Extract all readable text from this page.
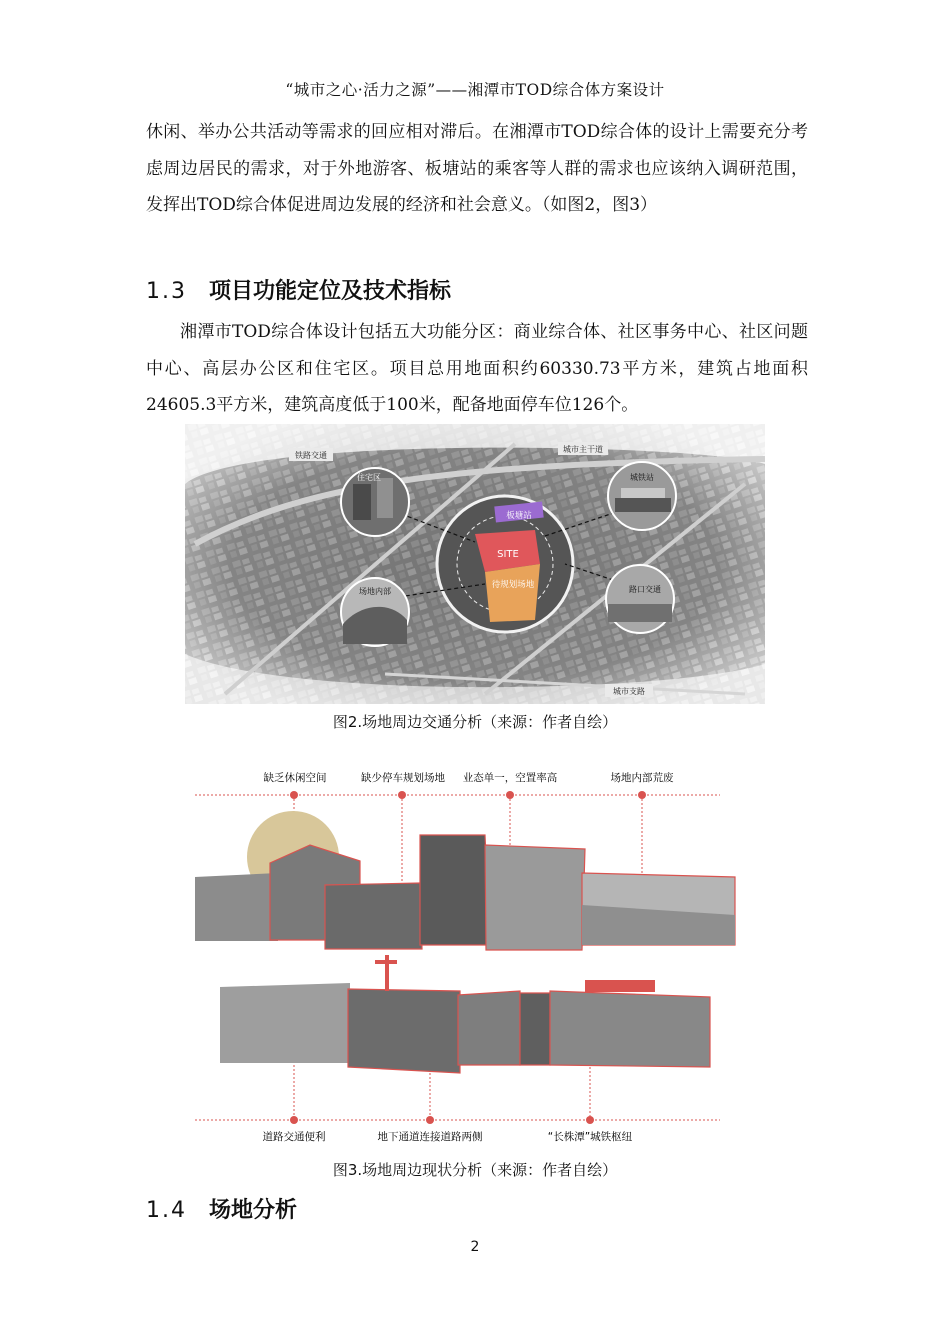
“城市之心·活力之源”——湘潭市TOD综合体方案设计

休闲、举办公共活动等需求的回应相对滞后。在湘潭市TOD综合体的设计上需要充分考虑周边居民的需求，对于外地游客、板塘站的乘客等人群的需求也应该纳入调研范围，发挥出TOD综合体促进周边发展的经济和社会意义。（如图2，图3）

1.3 项目功能定位及技术指标

湘潭市TOD综合体设计包括五大功能分区：商业综合体、社区事务中心、社区问题中心、高层办公区和住宅区。项目总用地面积约60330.73平方米，建筑占地面积24605.3平方米，建筑高度低于100米，配备地面停车位126个。

板塘站
SITE
待规划场地
住宅区	城铁站
场地内部	路口交通
铁路交通
城市主干道
城市支路
图2.场地周边交通分析（来源：作者自绘）
缺乏休闲空间	缺少停车规划场地 业态单一，空置率高	场地内部荒废
道路交通便利	地下通道连接道路两侧	“长株潭”城铁枢纽
图3.场地周边现状分析（来源：作者自绘）
1.4 场地分析
2
